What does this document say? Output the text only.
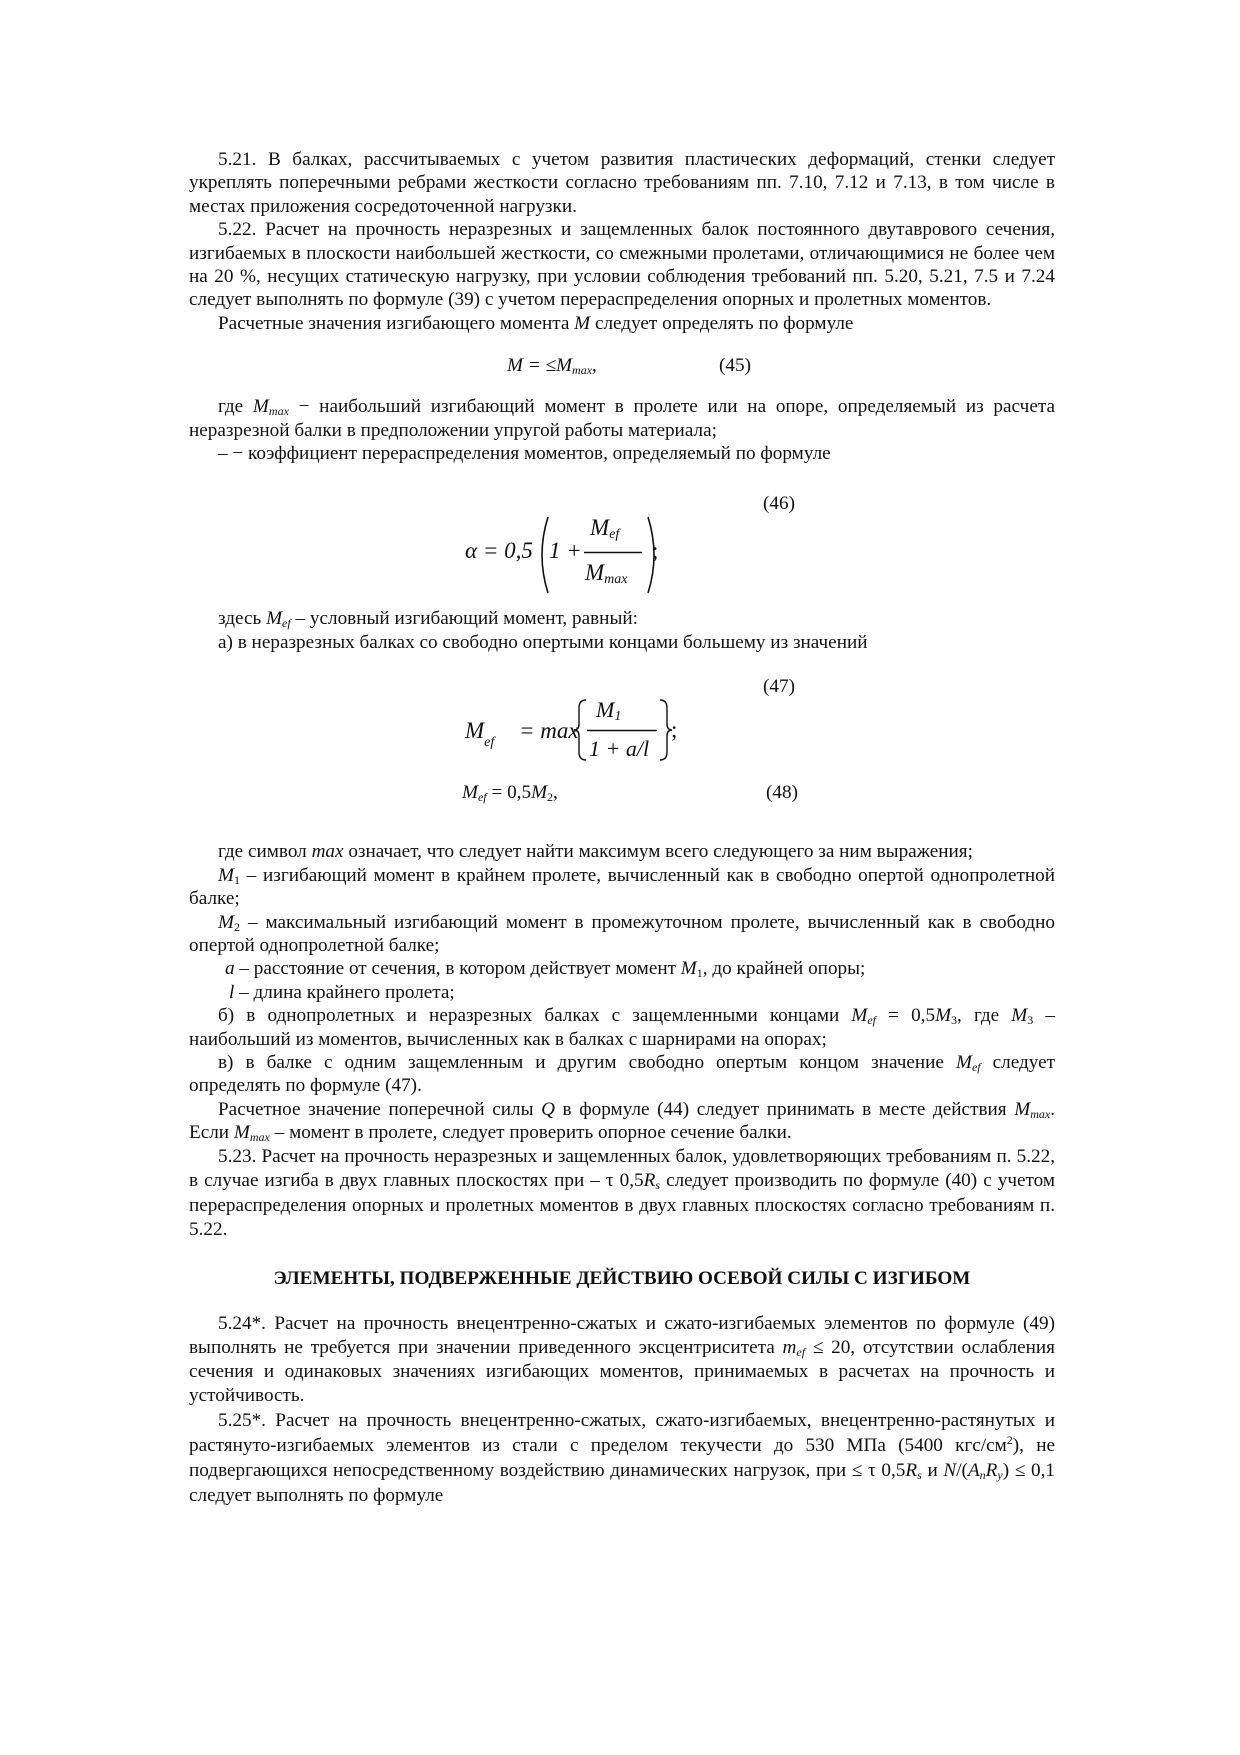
5.21. В балках, рассчитываемых с учетом развития пластических деформаций, стенки следует укреплять поперечными ребрами жесткости согласно требованиям пп. 7.10, 7.12 и 7.13, в том числе в местах приложения сосредоточенной нагрузки.

5.22. Расчет на прочность неразрезных и защемленных балок постоянного двутаврового сечения, изгибаемых в плоскости наибольшей жесткости, со смежными пролетами, отличающимися не более чем на 20 %, несущих статическую нагрузку, при условии соблюдения требований пп. 5.20, 5.21, 7.5 и 7.24 следует выполнять по формуле (39) с учетом перераспределения опорных и пролетных моментов.

Расчетные значения изгибающего момента M следует определять по формуле

$M = \le M_{max}$,	(45)

где $M_{max}$ − наибольший изгибающий момент в пролете или на опоре, определяемый из расчета неразрезной балки в предположении упругой работы материала;

– − коэффициент перераспределения моментов, определяемый по формуле

(46)
α = 0,5 1 +
$M_{ef}$
$M_{max}$
;

здесь $M_{ef}$ – условный изгибающий момент, равный:

а) в неразрезных балках со свободно опертыми концами большему из значений

(47)
$M_{ef} = \max$
$M_1$
1 + a/l
;
$M_{ef} = 0,5M_2$,	(48)

где символ max означает, что следует найти максимум всего следующего за ним выражения;

$M_1$ – изгибающий момент в крайнем пролете, вычисленный как в свободно опертой однопролетной балке;

$M_2$ – максимальный изгибающий момент в промежуточном пролете, вычисленный как в свободно опертой однопролетной балке;

a – расстояние от сечения, в котором действует момент $M_1$, до крайней опоры;

l – длина крайнего пролета;

б) в однопролетных и неразрезных балках с защемленными концами $M_{ef} = 0,5M_3$, где $M_3$ – наибольший из моментов, вычисленных как в балках с шарнирами на опорах;

в) в балке с одним защемленным и другим свободно опертым концом значение $M_{ef}$ следует определять по формуле (47).

Расчетное значение поперечной силы Q в формуле (44) следует принимать в месте действия $M_{max}$. Если $M_{max}$ – момент в пролете, следует проверить опорное сечение балки.

5.23. Расчет на прочность неразрезных и защемленных балок, удовлетворяющих требованиям п. 5.22, в случае изгиба в двух главных плоскостях при – τ $0,5R_s$ следует производить по формуле (40) с учетом перераспределения опорных и пролетных моментов в двух главных плоскостях согласно требованиям п. 5.22.

ЭЛЕМЕНТЫ, ПОДВЕРЖЕННЫЕ ДЕЙСТВИЮ ОСЕВОЙ СИЛЫ С ИЗГИБОМ

5.24*. Расчет на прочность внецентренно-сжатых и сжато-изгибаемых элементов по формуле (49) выполнять не требуется при значении приведенного эксцентриситета $m_{ef} \le 20$, отсутствии ослабления сечения и одинаковых значениях изгибающих моментов, принимаемых в расчетах на прочность и устойчивость.

5.25*. Расчет на прочность внецентренно-сжатых, сжато-изгибаемых, внецентренно-растянутых и растянуто-изгибаемых элементов из стали с пределом текучести до 530 МПа (5400 кгс/$см^2$), не подвергающихся непосредственному воздействию динамических нагрузок, при ≤ τ $0,5R_s$ и $N/(A_nR_y) \le 0,1$ следует выполнять по формуле
